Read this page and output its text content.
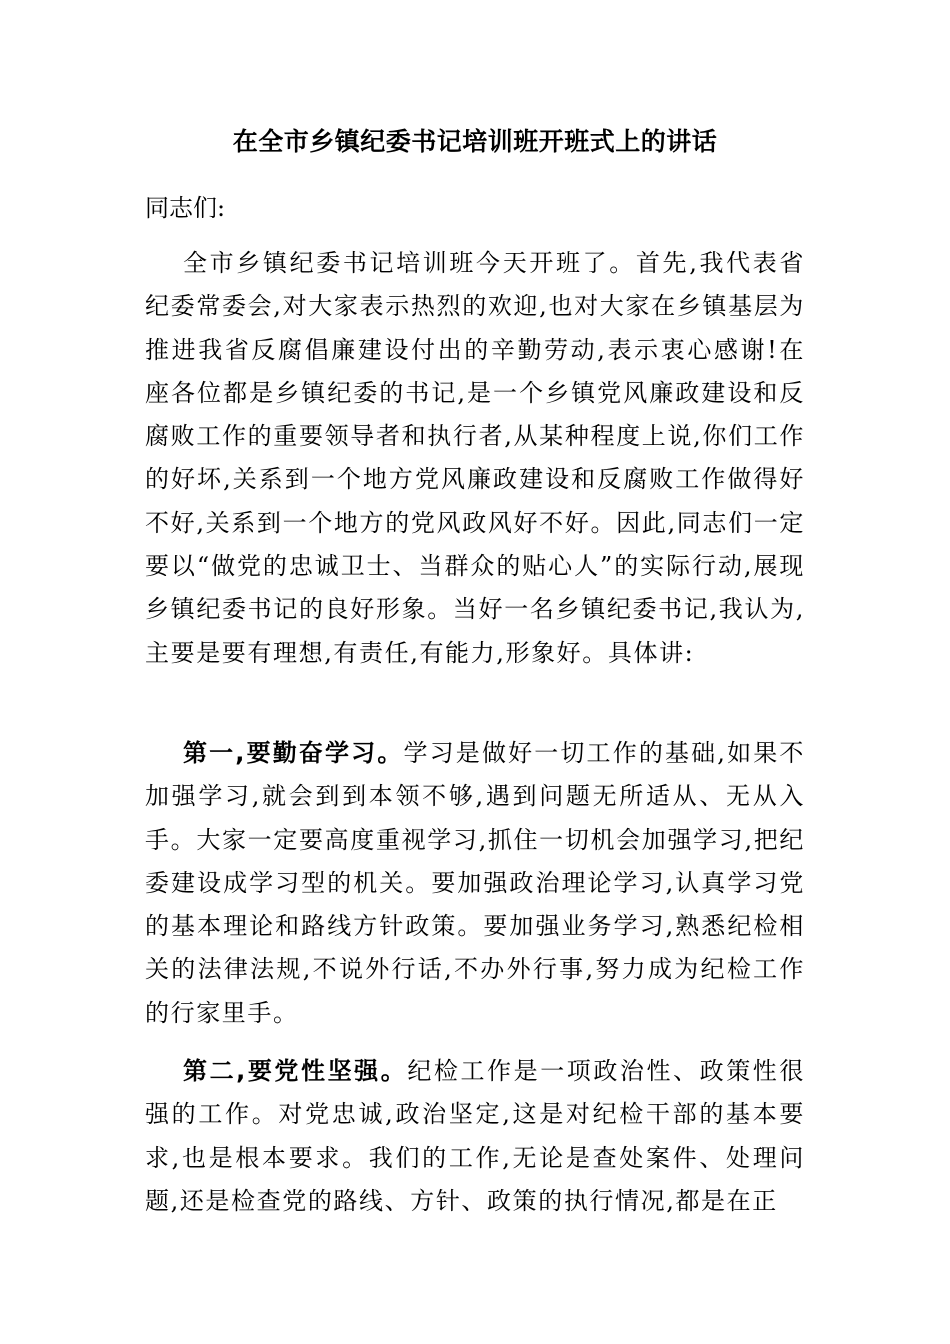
在全市乡镇纪委书记培训班开班式上的讲话
同志们:
全市乡镇纪委书记培训班今天开班了。首先,我代表省纪委常委会,对大家表示热烈的欢迎,也对大家在乡镇基层为推进我省反腐倡廉建设付出的辛勤劳动,表示衷心感谢!在座各位都是乡镇纪委的书记,是一个乡镇党风廉政建设和反腐败工作的重要领导者和执行者,从某种程度上说,你们工作的好坏,关系到一个地方党风廉政建设和反腐败工作做得好不好,关系到一个地方的党风政风好不好。因此,同志们一定要以“做党的忠诚卫士、当群众的贴心人”的实际行动,展现乡镇纪委书记的良好形象。当好一名乡镇纪委书记,我认为,主要是要有理想,有责任,有能力,形象好。具体讲:
第一,要勤奋学习。学习是做好一切工作的基础,如果不加强学习,就会到到本领不够,遇到问题无所适从、无从入手。大家一定要高度重视学习,抓住一切机会加强学习,把纪委建设成学习型的机关。要加强政治理论学习,认真学习党的基本理论和路线方针政策。要加强业务学习,熟悉纪检相关的法律法规,不说外行话,不办外行事,努力成为纪检工作的行家里手。
第二,要党性坚强。纪检工作是一项政治性、政策性很强的工作。对党忠诚,政治坚定,这是对纪检干部的基本要求,也是根本要求。我们的工作,无论是查处案件、处理问题,还是检查党的路线、方针、政策的执行情况,都是在正
